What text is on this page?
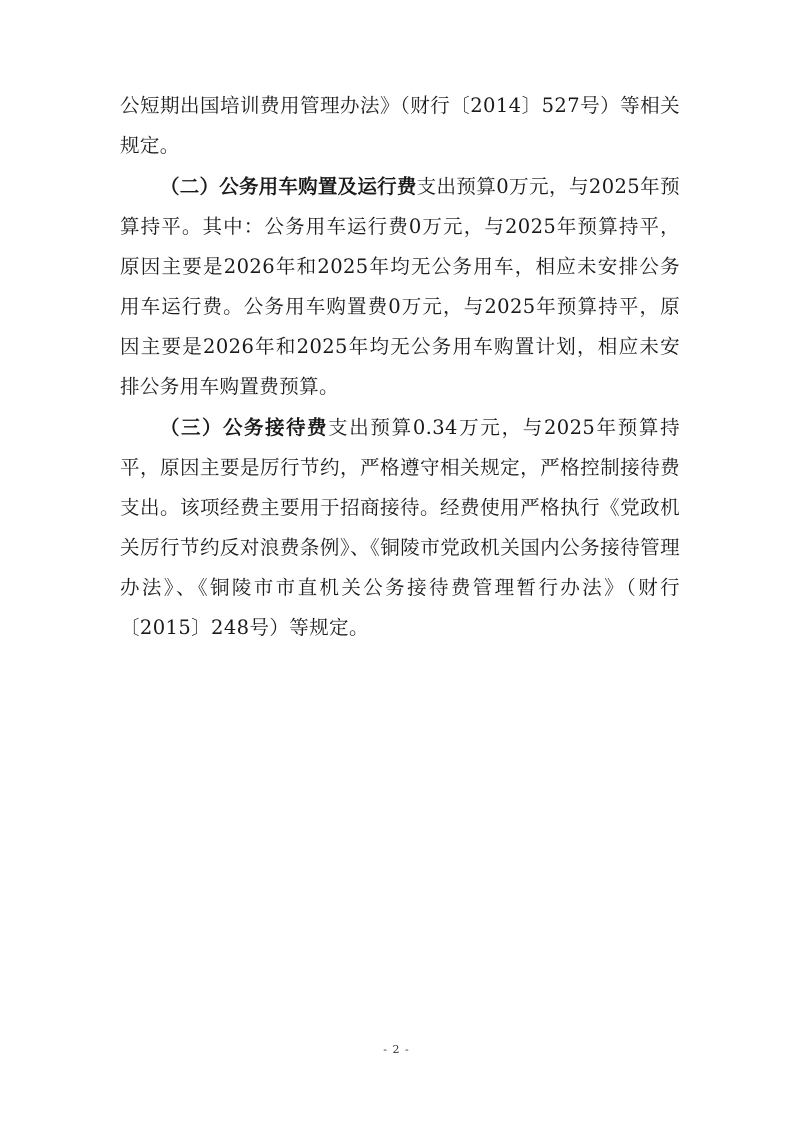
公短期出国培训费用管理办法》（财行〔2014〕527号）等相关规定。

（二）公务用车购置及运行费支出预算0万元，与2025年预算持平。其中：公务用车运行费0万元，与2025年预算持平，原因主要是2026年和2025年均无公务用车，相应未安排公务用车运行费。公务用车购置费0万元，与2025年预算持平，原因主要是2026年和2025年均无公务用车购置计划，相应未安排公务用车购置费预算。

（三）公务接待费支出预算0.34万元，与2025年预算持平，原因主要是厉行节约，严格遵守相关规定，严格控制接待费支出。该项经费主要用于招商接待。经费使用严格执行《党政机关厉行节约反对浪费条例》、《铜陵市党政机关国内公务接待管理办法》、《铜陵市市直机关公务接待费管理暂行办法》（财行〔2015〕248号）等规定。

- 2 -
